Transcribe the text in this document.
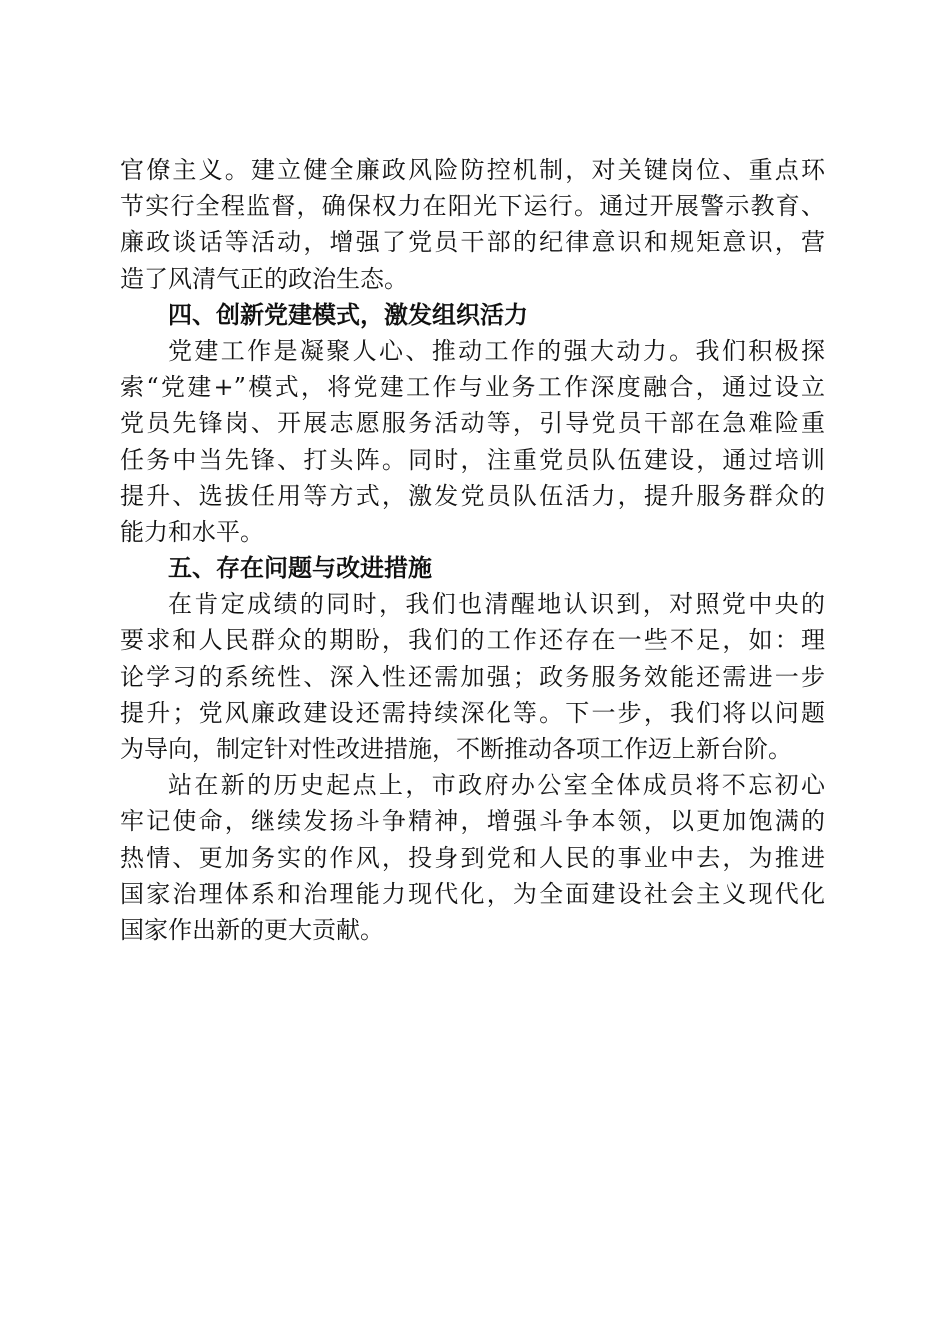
官僚主义。建立健全廉政风险防控机制，对关键岗位、重点环
节实行全程监督，确保权力在阳光下运行。通过开展警示教育、
廉政谈话等活动，增强了党员干部的纪律意识和规矩意识，营
造了风清气正的政治生态。
四、创新党建模式，激发组织活力
党建工作是凝聚人心、推动工作的强大动力。我们积极探
索“党建+”模式，将党建工作与业务工作深度融合，通过设立
党员先锋岗、开展志愿服务活动等，引导党员干部在急难险重
任务中当先锋、打头阵。同时，注重党员队伍建设，通过培训
提升、选拔任用等方式，激发党员队伍活力，提升服务群众的
能力和水平。
五、存在问题与改进措施
在肯定成绩的同时，我们也清醒地认识到，对照党中央的
要求和人民群众的期盼，我们的工作还存在一些不足，如：理
论学习的系统性、深入性还需加强；政务服务效能还需进一步
提升；党风廉政建设还需持续深化等。下一步，我们将以问题
为导向，制定针对性改进措施，不断推动各项工作迈上新台阶。
站在新的历史起点上，市政府办公室全体成员将不忘初心
牢记使命，继续发扬斗争精神，增强斗争本领，以更加饱满的
热情、更加务实的作风，投身到党和人民的事业中去，为推进
国家治理体系和治理能力现代化，为全面建设社会主义现代化
国家作出新的更大贡献。
